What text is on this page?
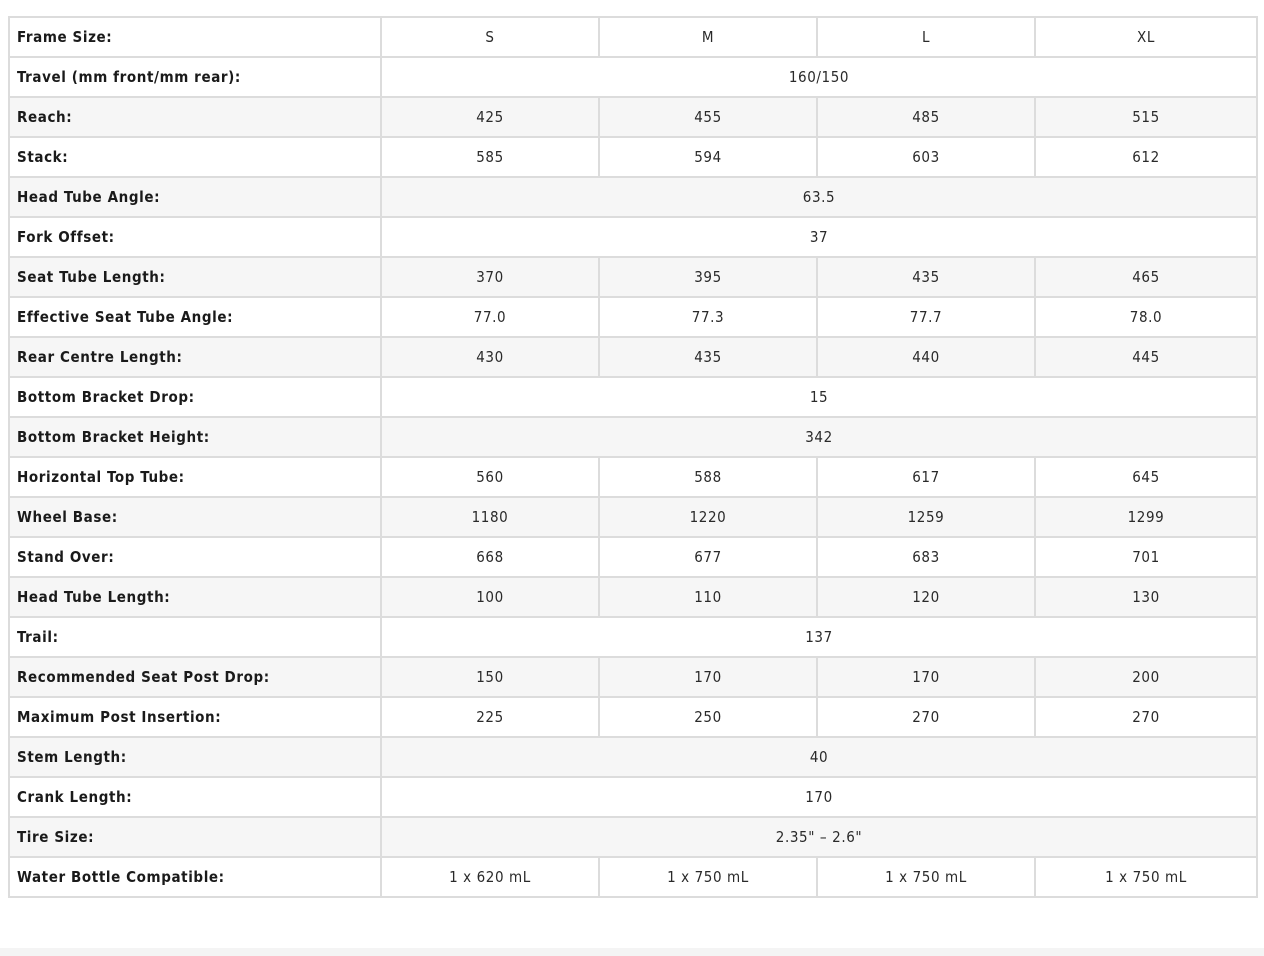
Frame Size:	S	M	L	XL
Travel (mm front/mm rear):	160/150			
Reach:	425	455	485	515
Stack:	585	594	603	612
Head Tube Angle:	63.5			
Fork Offset:	37			
Seat Tube Length:	370	395	435	465
Effective Seat Tube Angle:	77.0	77.3	77.7	78.0
Rear Centre Length:	430	435	440	445
Bottom Bracket Drop:	15			
Bottom Bracket Height:	342			
Horizontal Top Tube:	560	588	617	645
Wheel Base:	1180	1220	1259	1299
Stand Over:	668	677	683	701
Head Tube Length:	100	110	120	130
Trail:	137			
Recommended Seat Post Drop:	150	170	170	200
Maximum Post Insertion:	225	250	270	270
Stem Length:	40			
Crank Length:	170			
Tire Size:	2.35" – 2.6"			
Water Bottle Compatible:	1 x 620 mL	1 x 750 mL	1 x 750 mL	1 x 750 mL
